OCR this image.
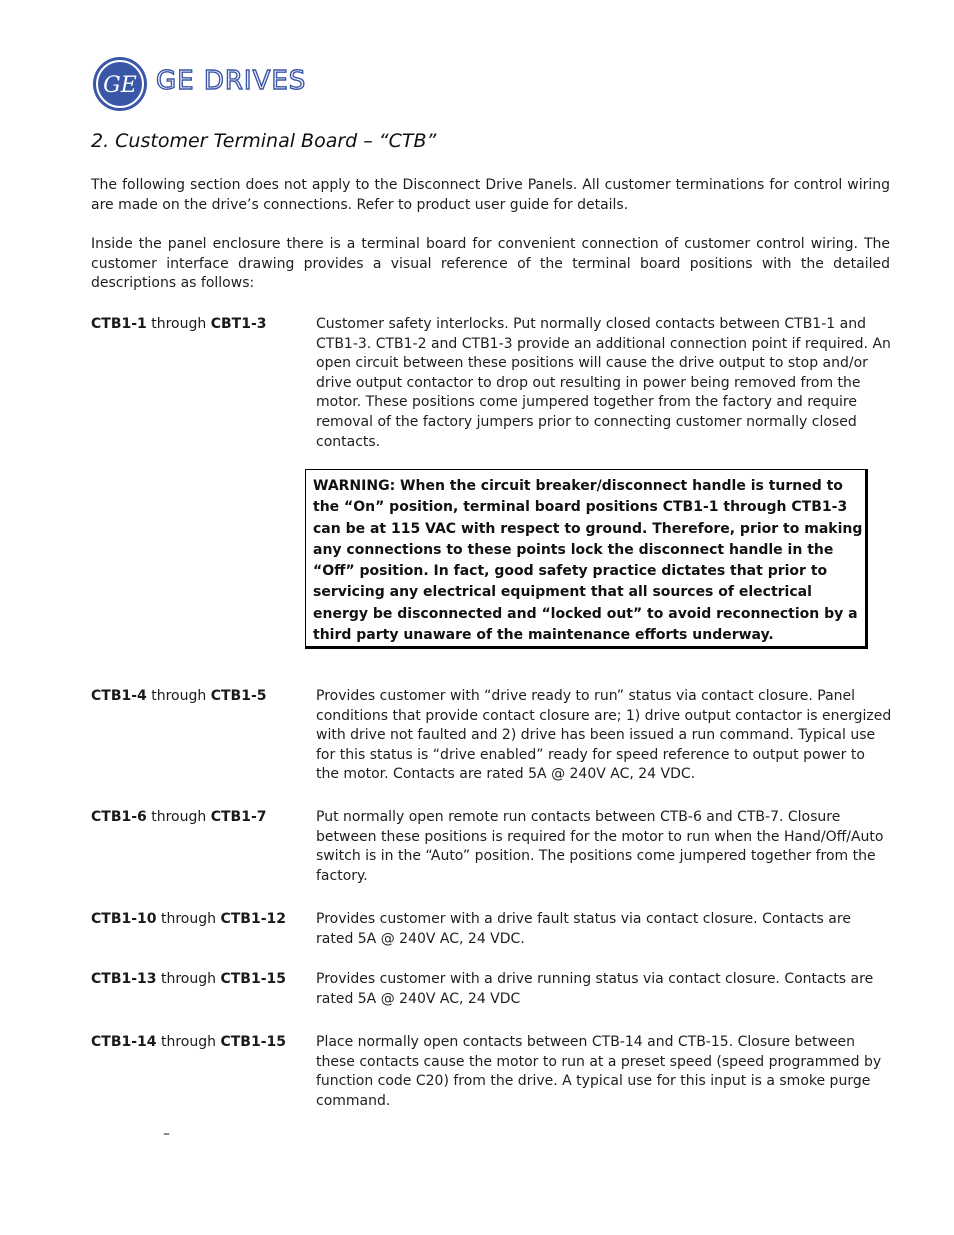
GE GE DRIVES
2. Customer Terminal Board – “CTB”
The following section does not apply to the Disconnect Drive Panels. All customer terminations for control wiring are made on the drive’s connections. Refer to product user guide for details.
Inside the panel enclosure there is a terminal board for convenient connection of customer control wiring. The customer interface drawing provides a visual reference of the terminal board positions with the detailed descriptions as follows:
CTB1-1 through CBT1-3	Customer safety interlocks. Put normally closed contacts between CTB1-1 and CTB1-3. CTB1-2 and CTB1-3 provide an additional connection point if required. An open circuit between these positions will cause the drive output to stop and/or drive output contactor to drop out resulting in power being removed from the motor. These positions come jumpered together from the factory and require removal of the factory jumpers prior to connecting customer normally closed contacts.
WARNING: When the circuit breaker/disconnect handle is turned to the “On” position, terminal board positions CTB1-1 through CTB1-3 can be at 115 VAC with respect to ground. Therefore, prior to making any connections to these points lock the disconnect handle in the “Off” position. In fact, good safety practice dictates that prior to servicing any electrical equipment that all sources of electrical energy be disconnected and “locked out” to avoid reconnection by a third party unaware of the maintenance efforts underway.
CTB1-4 through CTB1-5	Provides customer with “drive ready to run” status via contact closure. Panel conditions that provide contact closure are; 1) drive output contactor is energized with drive not faulted and 2) drive has been issued a run command. Typical use for this status is “drive enabled” ready for speed reference to output power to the motor. Contacts are rated 5A @ 240V AC, 24 VDC.
CTB1-6 through CTB1-7	Put normally open remote run contacts between CTB-6 and CTB-7. Closure between these positions is required for the motor to run when the Hand/Off/Auto switch is in the “Auto” position. The positions come jumpered together from the factory.
CTB1-10 through CTB1-12 Provides customer with a drive fault status via contact closure. Contacts are rated 5A @ 240V AC, 24 VDC.
CTB1-13 through CTB1-15 Provides customer with a drive running status via contact closure. Contacts are rated 5A @ 240V AC, 24 VDC
CTB1-14 through CTB1-15 Place normally open contacts between CTB-14 and CTB-15. Closure between these contacts cause the motor to run at a preset speed (speed programmed by function code C20) from the drive. A typical use for this input is a smoke purge command.
–
